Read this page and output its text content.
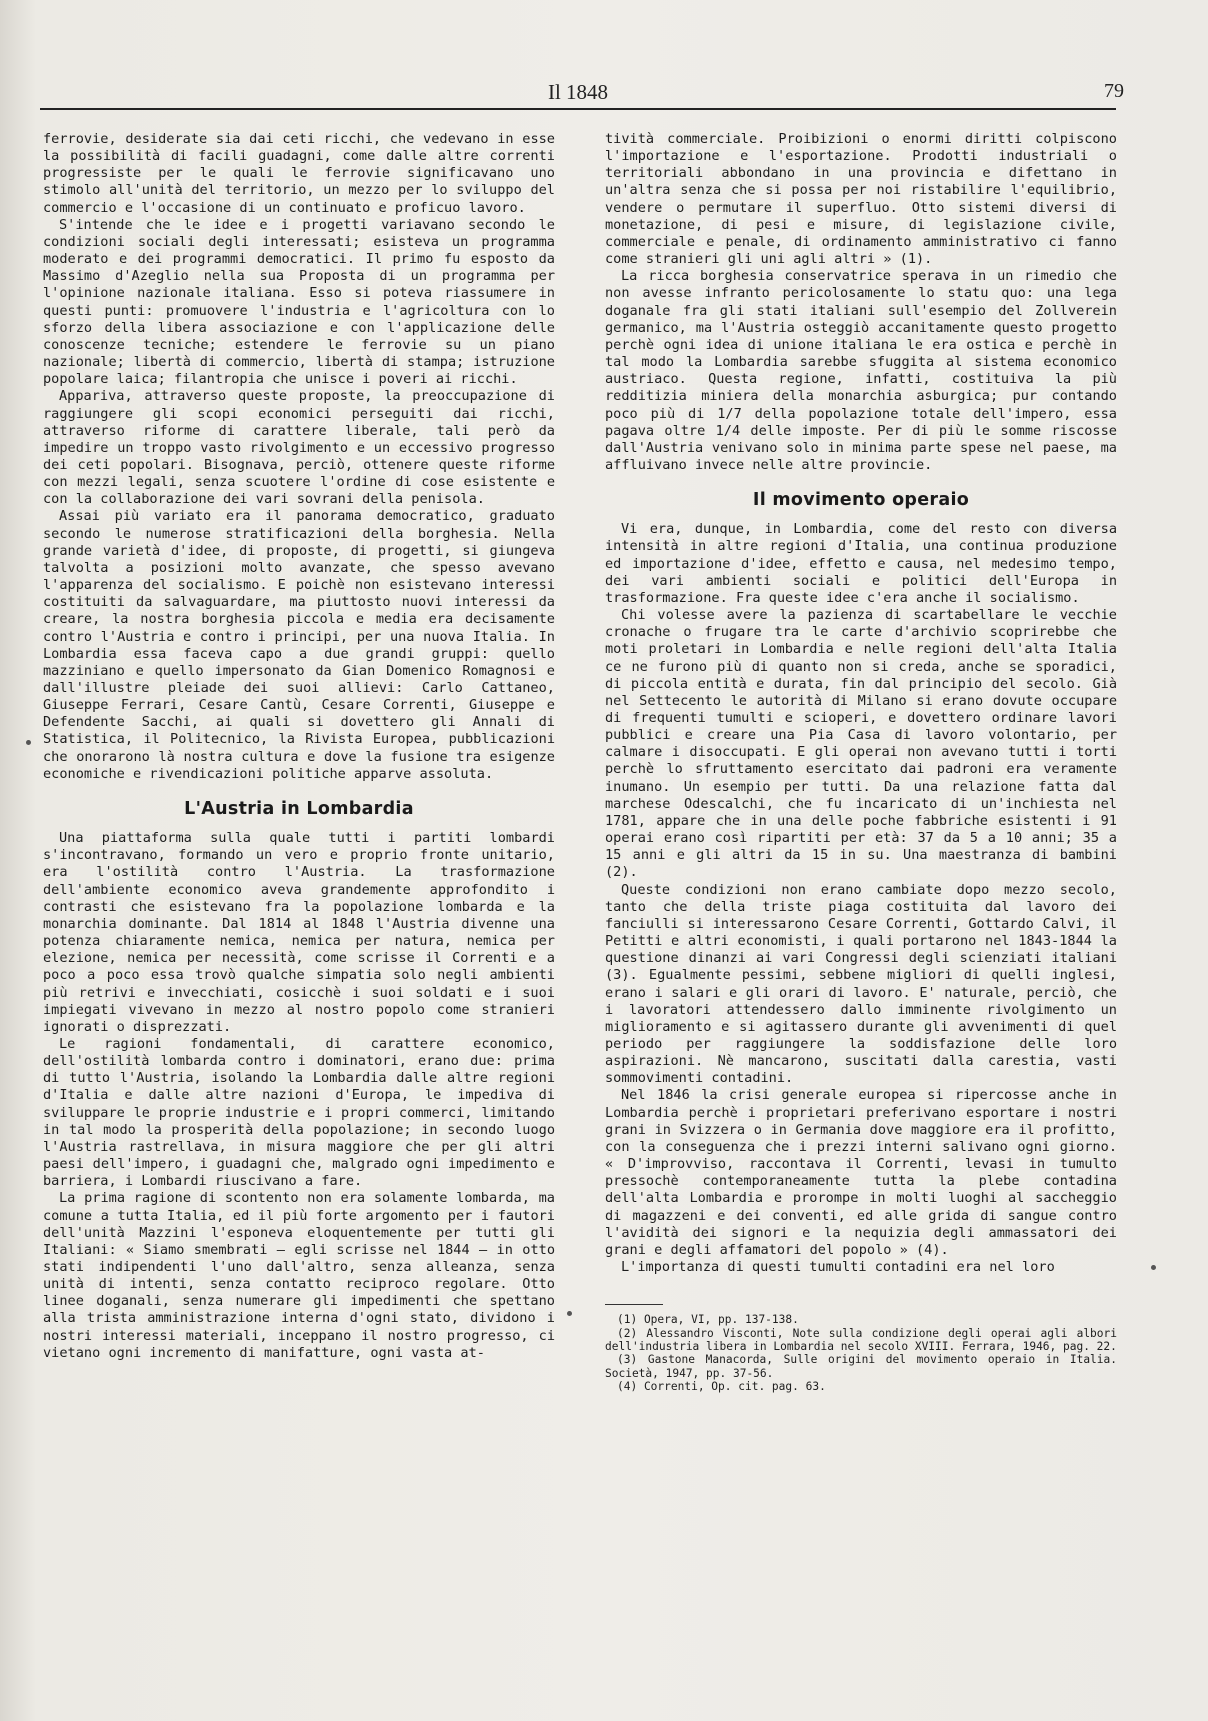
Il 1848	79

ferrovie, desiderate sia dai ceti ricchi, che vedevano in esse la possibilità di facili guadagni, come dalle altre correnti progressiste per le quali le ferrovie significavano uno stimolo all'unità del territorio, un mezzo per lo sviluppo del commercio e l'occasione di un continuato e proficuo lavoro.

S'intende che le idee e i progetti variavano secondo le condizioni sociali degli interessati; esisteva un programma moderato e dei programmi democratici. Il primo fu esposto da Massimo d'Azeglio nella sua Proposta di un programma per l'opinione nazionale italiana. Esso si poteva riassumere in questi punti: promuovere l'industria e l'agricoltura con lo sforzo della libera associazione e con l'applicazione delle conoscenze tecniche; estendere le ferrovie su un piano nazionale; libertà di commercio, libertà di stampa; istruzione popolare laica; filantropia che unisce i poveri ai ricchi.

Appariva, attraverso queste proposte, la preoccupazione di raggiungere gli scopi economici perseguiti dai ricchi, attraverso riforme di carattere liberale, tali però da impedire un troppo vasto rivolgimento e un eccessivo progresso dei ceti popolari. Bisognava, perciò, ottenere queste riforme con mezzi legali, senza scuotere l'ordine di cose esistente e con la collaborazione dei vari sovrani della penisola.

Assai più variato era il panorama democratico, graduato secondo le numerose stratificazioni della borghesia. Nella grande varietà d'idee, di proposte, di progetti, si giungeva talvolta a posizioni molto avanzate, che spesso avevano l'apparenza del socialismo. E poichè non esistevano interessi costituiti da salvaguardare, ma piuttosto nuovi interessi da creare, la nostra borghesia piccola e media era decisamente contro l'Austria e contro i principi, per una nuova Italia. In Lombardia essa faceva capo a due grandi gruppi: quello mazziniano e quello impersonato da Gian Domenico Romagnosi e dall'illustre pleiade dei suoi allievi: Carlo Cattaneo, Giuseppe Ferrari, Cesare Cantù, Cesare Correnti, Giuseppe e Defendente Sacchi, ai quali si dovettero gli Annali di Statistica, il Politecnico, la Rivista Europea, pubblicazioni che onorarono là nostra cultura e dove la fusione tra esigenze economiche e rivendicazioni politiche apparve assoluta.

L'Austria in Lombardia

Una piattaforma sulla quale tutti i partiti lombardi s'incontravano, formando un vero e proprio fronte unitario, era l'ostilità contro l'Austria. La trasformazione dell'ambiente economico aveva grandemente approfondito i contrasti che esistevano fra la popolazione lombarda e la monarchia dominante. Dal 1814 al 1848 l'Austria divenne una potenza chiaramente nemica, nemica per natura, nemica per elezione, nemica per necessità, come scrisse il Correnti e a poco a poco essa trovò qualche simpatia solo negli ambienti più retrivi e invecchiati, cosicchè i suoi soldati e i suoi impiegati vivevano in mezzo al nostro popolo come stranieri ignorati o disprezzati.

Le ragioni fondamentali, di carattere economico, dell'ostilità lombarda contro i dominatori, erano due: prima di tutto l'Austria, isolando la Lombardia dalle altre regioni d'Italia e dalle altre nazioni d'Europa, le impediva di sviluppare le proprie industrie e i propri commerci, limitando in tal modo la prosperità della popolazione; in secondo luogo l'Austria rastrellava, in misura maggiore che per gli altri paesi dell'impero, i guadagni che, malgrado ogni impedimento e barriera, i Lombardi riuscivano a fare.

La prima ragione di scontento non era solamente lombarda, ma comune a tutta Italia, ed il più forte argomento per i fautori dell'unità Mazzini l'esponeva eloquentemente per tutti gli Italiani: « Siamo smembrati — egli scrisse nel 1844 — in otto stati indipendenti l'uno dall'altro, senza alleanza, senza unità di intenti, senza contatto reciproco regolare. Otto linee doganali, senza numerare gli impedimenti che spettano alla trista amministrazione interna d'ogni stato, dividono i nostri interessi materiali, inceppano il nostro progresso, ci vietano ogni incremento di manifatture, ogni vasta at-

tività commerciale. Proibizioni o enormi diritti colpiscono l'importazione e l'esportazione. Prodotti industriali o territoriali abbondano in una provincia e difettano in un'altra senza che si possa per noi ristabilire l'equilibrio, vendere o permutare il superfluo. Otto sistemi diversi di monetazione, di pesi e misure, di legislazione civile, commerciale e penale, di ordinamento amministrativo ci fanno come stranieri gli uni agli altri » (1).

La ricca borghesia conservatrice sperava in un rimedio che non avesse infranto pericolosamente lo statu quo: una lega doganale fra gli stati italiani sull'esempio del Zollverein germanico, ma l'Austria osteggiò accanitamente questo progetto perchè ogni idea di unione italiana le era ostica e perchè in tal modo la Lombardia sarebbe sfuggita al sistema economico austriaco. Questa regione, infatti, costituiva la più redditizia miniera della monarchia asburgica; pur contando poco più di 1/7 della popolazione totale dell'impero, essa pagava oltre 1/4 delle imposte. Per di più le somme riscosse dall'Austria venivano solo in minima parte spese nel paese, ma affluivano invece nelle altre provincie.

Il movimento operaio

Vi era, dunque, in Lombardia, come del resto con diversa intensità in altre regioni d'Italia, una continua produzione ed importazione d'idee, effetto e causa, nel medesimo tempo, dei vari ambienti sociali e politici dell'Europa in trasformazione. Fra queste idee c'era anche il socialismo.

Chi volesse avere la pazienza di scartabellare le vecchie cronache o frugare tra le carte d'archivio scoprirebbe che moti proletari in Lombardia e nelle regioni dell'alta Italia ce ne furono più di quanto non si creda, anche se sporadici, di piccola entità e durata, fin dal principio del secolo. Già nel Settecento le autorità di Milano si erano dovute occupare di frequenti tumulti e scioperi, e dovettero ordinare lavori pubblici e creare una Pia Casa di lavoro volontario, per calmare i disoccupati. E gli operai non avevano tutti i torti perchè lo sfruttamento esercitato dai padroni era veramente inumano. Un esempio per tutti. Da una relazione fatta dal marchese Odescalchi, che fu incaricato di un'inchiesta nel 1781, appare che in una delle poche fabbriche esistenti i 91 operai erano così ripartiti per età: 37 da 5 a 10 anni; 35 a 15 anni e gli altri da 15 in su. Una maestranza di bambini (2).

Queste condizioni non erano cambiate dopo mezzo secolo, tanto che della triste piaga costituita dal lavoro dei fanciulli si interessarono Cesare Correnti, Gottardo Calvi, il Petitti e altri economisti, i quali portarono nel 1843-1844 la questione dinanzi ai vari Congressi degli scienziati italiani (3). Egualmente pessimi, sebbene migliori di quelli inglesi, erano i salari e gli orari di lavoro. E' naturale, perciò, che i lavoratori attendessero dallo imminente rivolgimento un miglioramento e si agitassero durante gli avvenimenti di quel periodo per raggiungere la soddisfazione delle loro aspirazioni. Nè mancarono, suscitati dalla carestia, vasti sommovimenti contadini.

Nel 1846 la crisi generale europea si ripercosse anche in Lombardia perchè i proprietari preferivano esportare i nostri grani in Svizzera o in Germania dove maggiore era il profitto, con la conseguenza che i prezzi interni salivano ogni giorno. « D'improvviso, raccontava il Correnti, levasi in tumulto pressochè contemporaneamente tutta la plebe contadina dell'alta Lombardia e prorompe in molti luoghi al saccheggio di magazzeni e dei conventi, ed alle grida di sangue contro l'avidità dei signori e la nequizia degli ammassatori dei grani e degli affamatori del popolo » (4).

L'importanza di questi tumulti contadini era nel loro

(1) Opera, VI, pp. 137-138.

(2) Alessandro Visconti, Note sulla condizione degli operai agli albori dell'industria libera in Lombardia nel secolo XVIII. Ferrara, 1946, pag. 22.

(3) Gastone Manacorda, Sulle origini del movimento operaio in Italia. Società, 1947, pp. 37-56.

(4) Correnti, Op. cit. pag. 63.
